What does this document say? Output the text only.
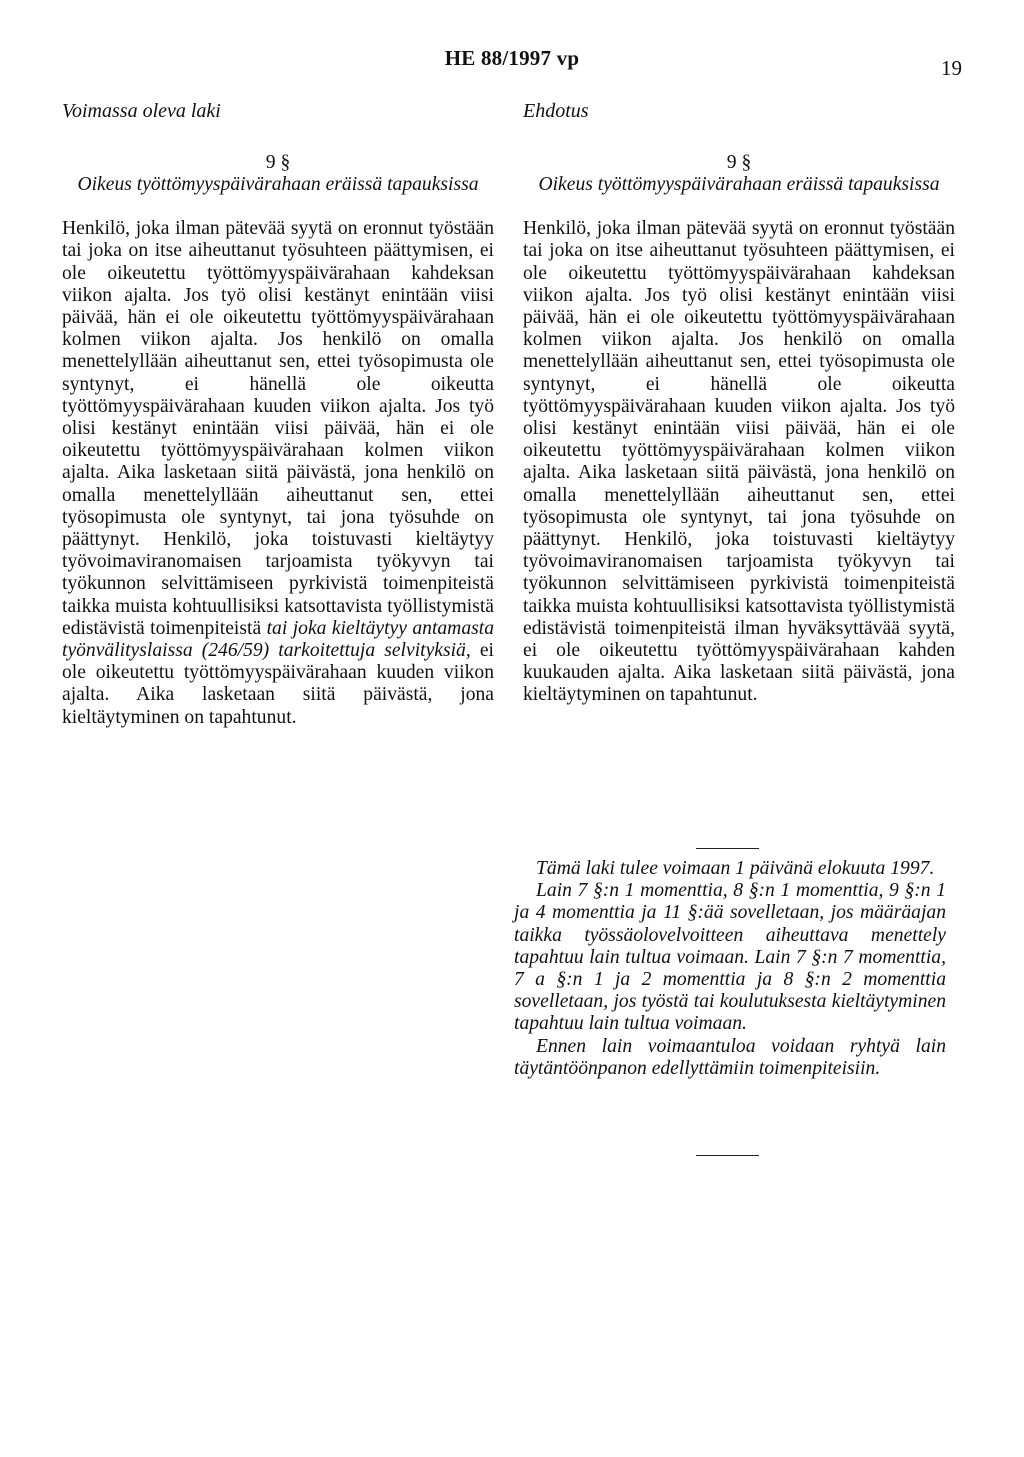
HE 88/1997 vp	19
Voimassa oleva laki	Ehdotus
9 §
Oikeus työttömyyspäivärahaan eräissä tapauksissa

Henkilö, joka ilman pätevää syytä on eronnut työstään tai joka on itse aiheuttanut työsuhteen päättymisen, ei ole oikeutettu työttömyyspäivärahaan kahdeksan viikon ajalta. Jos työ olisi kestänyt enintään viisi päivää, hän ei ole oikeutettu työttömyyspäivärahaan kolmen viikon ajalta. Jos henkilö on omalla menettelyllään aiheuttanut sen, ettei työsopimusta ole syntynyt, ei hänellä ole oikeutta työttömyyspäivärahaan kuuden viikon ajalta. Jos työ olisi kestänyt enintään viisi päivää, hän ei ole oikeutettu työttömyyspäivärahaan kolmen viikon ajalta. Aika lasketaan siitä päivästä, jona henkilö on omalla menettelyllään aiheuttanut sen, ettei työsopimusta ole syntynyt, tai jona työsuhde on päättynyt. Henkilö, joka toistuvasti kieltäytyy työvoimaviranomaisen tarjoamista työkyvyn tai työkunnon selvittämiseen pyrkivistä toimenpiteistä taikka muista kohtuullisiksi katsottavista työllistymistä edistävistä toimenpiteistä tai joka kieltäytyy antamasta työnvälityslaissa (246/59) tarkoitettuja selvityksiä, ei ole oikeutettu työttömyyspäivärahaan kuuden viikon ajalta. Aika lasketaan siitä päivästä, jona kieltäytyminen on tapahtunut.

9 §
Oikeus työttömyyspäivärahaan eräissä tapauksissa

Henkilö, joka ilman pätevää syytä on eronnut työstään tai joka on itse aiheuttanut työsuhteen päättymisen, ei ole oikeutettu työttömyyspäivärahaan kahdeksan viikon ajalta. Jos työ olisi kestänyt enintään viisi päivää, hän ei ole oikeutettu työttömyyspäivärahaan kolmen viikon ajalta. Jos henkilö on omalla menettelyllään aiheuttanut sen, ettei työsopimusta ole syntynyt, ei hänellä ole oikeutta työttömyyspäivärahaan kuuden viikon ajalta. Jos työ olisi kestänyt enintään viisi päivää, hän ei ole oikeutettu työttömyyspäivärahaan kolmen viikon ajalta. Aika lasketaan siitä päivästä, jona henkilö on omalla menettelyllään aiheuttanut sen, ettei työsopimusta ole syntynyt, tai jona työsuhde on päättynyt. Henkilö, joka toistuvasti kieltäytyy työvoimaviranomaisen tarjoamista työkyvyn tai työkunnon selvittämiseen pyrkivistä toimenpiteistä taikka muista kohtuullisiksi katsottavista työllistymistä edistävistä toimenpiteistä ilman hyväksyttävää syytä, ei ole oikeutettu työttömyyspäivärahaan kahden kuukauden ajalta. Aika lasketaan siitä päivästä, jona kieltäytyminen on tapahtunut.

Tämä laki tulee voimaan 1 päivänä elokuuta 1997.

Lain 7 §:n 1 momenttia, 8 §:n 1 momenttia, 9 §:n 1 ja 4 momenttia ja 11 §:ää sovelletaan, jos määräajan taikka työssäolovelvoitteen aiheuttava menettely tapahtuu lain tultua voimaan. Lain 7 §:n 7 momenttia, 7 a §:n 1 ja 2 momenttia ja 8 §:n 2 momenttia sovelletaan, jos työstä tai koulutuksesta kieltäytyminen tapahtuu lain tultua voimaan.

Ennen lain voimaantuloa voidaan ryhtyä lain täytäntöönpanon edellyttämiin toimenpiteisiin.
